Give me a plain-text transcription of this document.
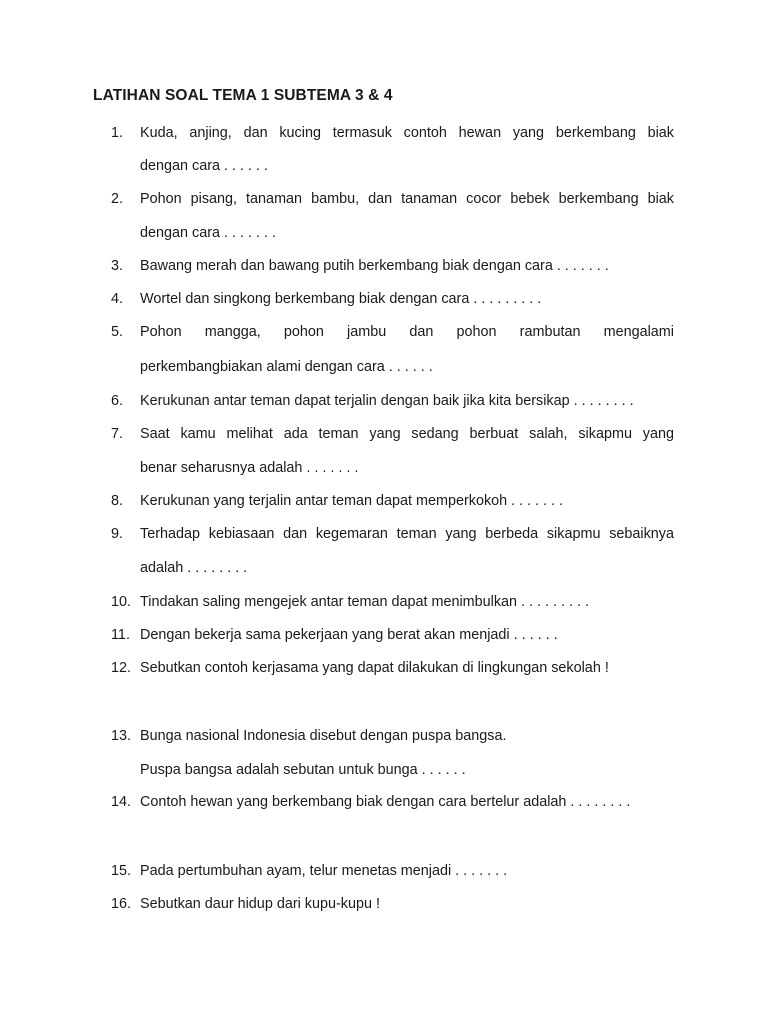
LATIHAN SOAL TEMA 1 SUBTEMA 3 & 4
1. Kuda, anjing, dan kucing termasuk contoh hewan yang berkembang biak
dengan cara . . . . . .
2. Pohon pisang, tanaman bambu, dan tanaman cocor bebek berkembang biak
dengan cara . . . . . . .
3. Bawang merah dan bawang putih berkembang biak dengan cara . . . . . . .
4. Wortel dan singkong berkembang biak dengan cara . . . . . . . . .
5. Pohon mangga, pohon jambu dan pohon rambutan mengalami
perkembangbiakan alami dengan cara . . . . . .
6. Kerukunan antar teman dapat terjalin dengan baik jika kita bersikap . . . . . . . .
7. Saat kamu melihat ada teman yang sedang berbuat salah, sikapmu yang
benar seharusnya adalah . . . . . . .
8. Kerukunan yang terjalin antar teman dapat memperkokoh . . . . . . .
9. Terhadap kebiasaan dan kegemaran teman yang berbeda sikapmu sebaiknya
adalah . . . . . . . .
10. Tindakan saling mengejek antar teman dapat menimbulkan . . . . . . . . .
11. Dengan bekerja sama pekerjaan yang berat akan menjadi . . . . . .
12. Sebutkan contoh kerjasama yang dapat dilakukan di lingkungan sekolah !
13. Bunga nasional Indonesia disebut dengan puspa bangsa.
Puspa bangsa adalah sebutan untuk bunga . . . . . .
14. Contoh hewan yang berkembang biak dengan cara bertelur adalah . . . . . . . .
15. Pada pertumbuhan ayam, telur menetas menjadi . . . . . . .
16. Sebutkan daur hidup dari kupu-kupu !
